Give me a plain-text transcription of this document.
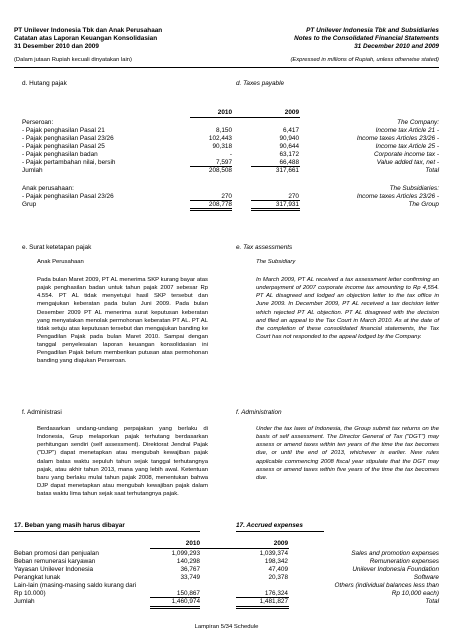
PT Unilever Indonesia Tbk dan Anak Perusahaan
Catatan atas Laporan Keuangan Konsolidasian
31 Desember 2010 dan 2009
PT Unilever Indonesia Tbk and Subsidiaries
Notes to the Consolidated Financial Statements
31 December 2010 and 2009
(Dalam jutaan Rupiah kecuali dinyatakan lain)	(Expressed in millions of Rupiah, unless otherwise stated)
d. Hutang pajak	d. Taxes payable
2010	2009
Perseroan:	The Company:
- Pajak penghasilan Pasal 21	8,150	6,417	Income tax Article 21 -
- Pajak penghasilan Pasal 23/26	102,443	90,940	Income taxes Articles 23/26 -
- Pajak penghasilan Pasal 25	90,318	90,644	Income tax Article 25 -
- Pajak penghasilan badan	-	63,172	Corporate income tax -
- Pajak pertambahan nilai, bersih	7,597	66,488	Value added tax, net -
Jumlah	208,508	317,661	Total
Anak perusahaan:	The Subsidiaries:
- Pajak penghasilan Pasal 23/26	270	270	Income taxes Articles 23/26 -
Grup	208,778	317,931	The Group
e. Surat ketetapan pajak	e. Tax assessments
Anak Perusahaan	The Subsidiary
Pada bulan Maret 2009, PT AL menerima SKP kurang bayar atas pajak penghasilan badan untuk tahun pajak 2007 sebesar Rp 4.554. PT AL tidak menyetujui hasil SKP tersebut dan mengajukan keberatan pada bulan Juni 2009. Pada bulan Desember 2009 PT AL menerima surat keputusan keberatan yang menyatakan menolak permohonan keberatan PT AL. PT AL tidak setuju atas keputusan tersebut dan mengajukan banding ke Pengadilan Pajak pada bulan Maret 2010. Sampai dengan tanggal penyelesaian laporan keuangan konsolidasian ini Pengadilan Pajak belum memberikan putusan atas permohonan banding yang diajukan Perseroan.
In March 2009, PT AL received a tax assessment letter confirming an underpayment of 2007 corporate income tax amounting to Rp 4,554. PT AL disagreed and lodged an objection letter to the tax office in June 2009. In December 2009, PT AL received a tax decision letter which rejected PT AL objection. PT AL disagreed with the decision and filed an appeal to the Tax Court in March 2010. As at the date of the completion of these consolidated financial statements, the Tax Court has not responded to the appeal lodged by the Company.
f. Administrasi	f. Administration
Berdasarkan undang-undang perpajakan yang berlaku di Indonesia, Grup melaporkan pajak terhutang berdasarkan perhitungan sendiri (self assessment). Direktorat Jendral Pajak ("DJP") dapat menetapkan atau mengubah kewajiban pajak dalam batas waktu sepuluh tahun sejak tanggal terhutangnya pajak, atau akhir tahun 2013, mana yang lebih awal. Ketentuan baru yang berlaku mulai tahun pajak 2008, menentukan bahwa DJP dapat menetapkan atau mengubah kewajiban pajak dalam batas waktu lima tahun sejak saat terhutangnya pajak.
Under the tax laws of Indonesia, the Group submit tax returns on the basis of self assessment. The Director General of Tax ("DGT") may assess or amend taxes within ten years of the time the tax becomes due, or until the end of 2013, whichever is earlier. New rules applicable commencing 2008 fiscal year stipulate that the DGT may assess or amend taxes within five years of the time the tax becomes due.
17. Beban yang masih harus dibayar	17. Accrued expenses
2010	2009
Beban promosi dan penjualan	1,099,293	1,039,374	Sales and promotion expenses
Beban remunerasi karyawan	140,298	198,342	Remuneration expenses
Yayasan Unilever Indonesia	36,767	47,409	Unilever Indonesia Foundation
Perangkat lunak	33,749	20,378	Software
Lain-lain (masing-masing saldo kurang dari	Others (individual balances less than
Rp 10.000)	150,867	176,324	Rp 10,000 each)
Jumlah	1,460,974	1,481,827	Total
Lampiran 5/34 Schedule
